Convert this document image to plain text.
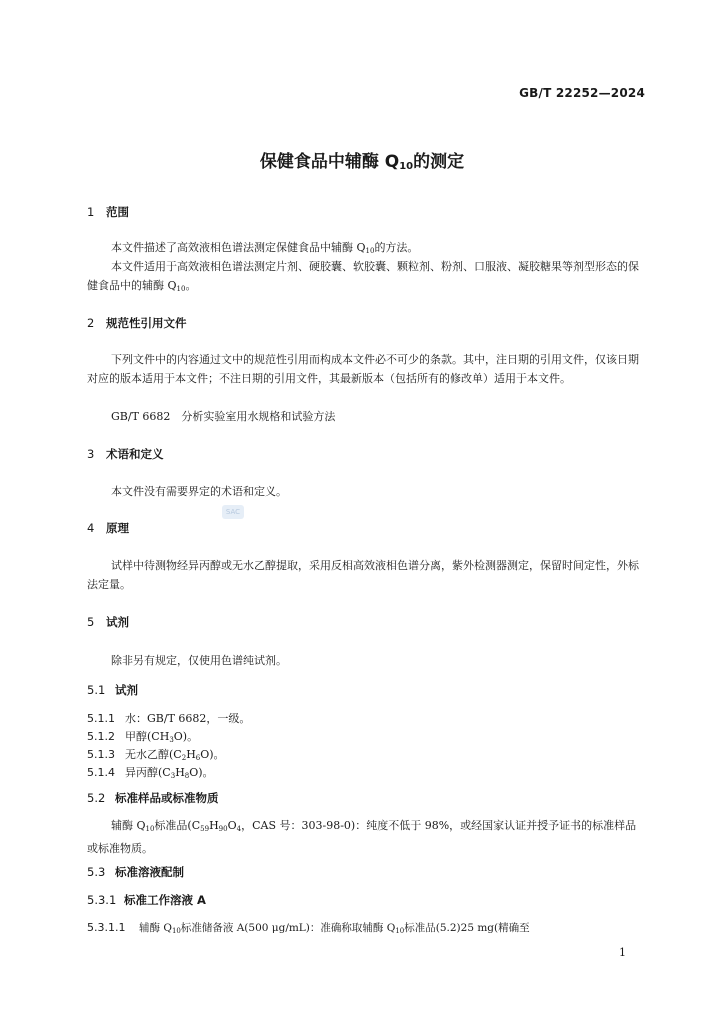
GB/T 22252—2024
保健食品中辅酶 $Q_{10}$的测定
1 范围

本文件描述了高效液相色谱法测定保健食品中辅酶 $Q_{10}$的方法。

本文件适用于高效液相色谱法测定片剂、硬胶囊、软胶囊、颗粒剂、粉剂、口服液、凝胶糖果等剂型形态的保健食品中的辅酶 $Q_{10}$。

2 规范性引用文件

下列文件中的内容通过文中的规范性引用而构成本文件必不可少的条款。其中，注日期的引用文件，仅该日期对应的版本适用于本文件；不注日期的引用文件，其最新版本（包括所有的修改单）适用于本文件。

GB/T 6682　分析实验室用水规格和试验方法

3 术语和定义

本文件没有需要界定的术语和定义。

SAC
4 原理

试样中待测物经异丙醇或无水乙醇提取，采用反相高效液相色谱分离，紫外检测器测定，保留时间定性，外标法定量。

5 试剂

除非另有规定，仅使用色谱纯试剂。

5.1 试剂

5.1.1 水：GB/T 6682，一级。

5.1.2 甲醇$(CH_3O)$。

5.1.3 无水乙醇$(C_2H_6O)$。

5.1.4 异丙醇$(C_3H_8O)$。

5.2 标准样品或标准物质

辅酶 $Q_{10}$标准品($C_{59}H_{90}O_4$，CAS 号：303-98-0)：纯度不低于 98%，或经国家认证并授予证书的标准样品或标准物质。

5.3 标准溶液配制
5.3.1 标准工作溶液 A

5.3.1.1 辅酶 $Q_{10}$标准储备液 A(500 μg/mL)：准确称取辅酶 $Q_{10}$标准品(5.2)25 mg(精确至

1
